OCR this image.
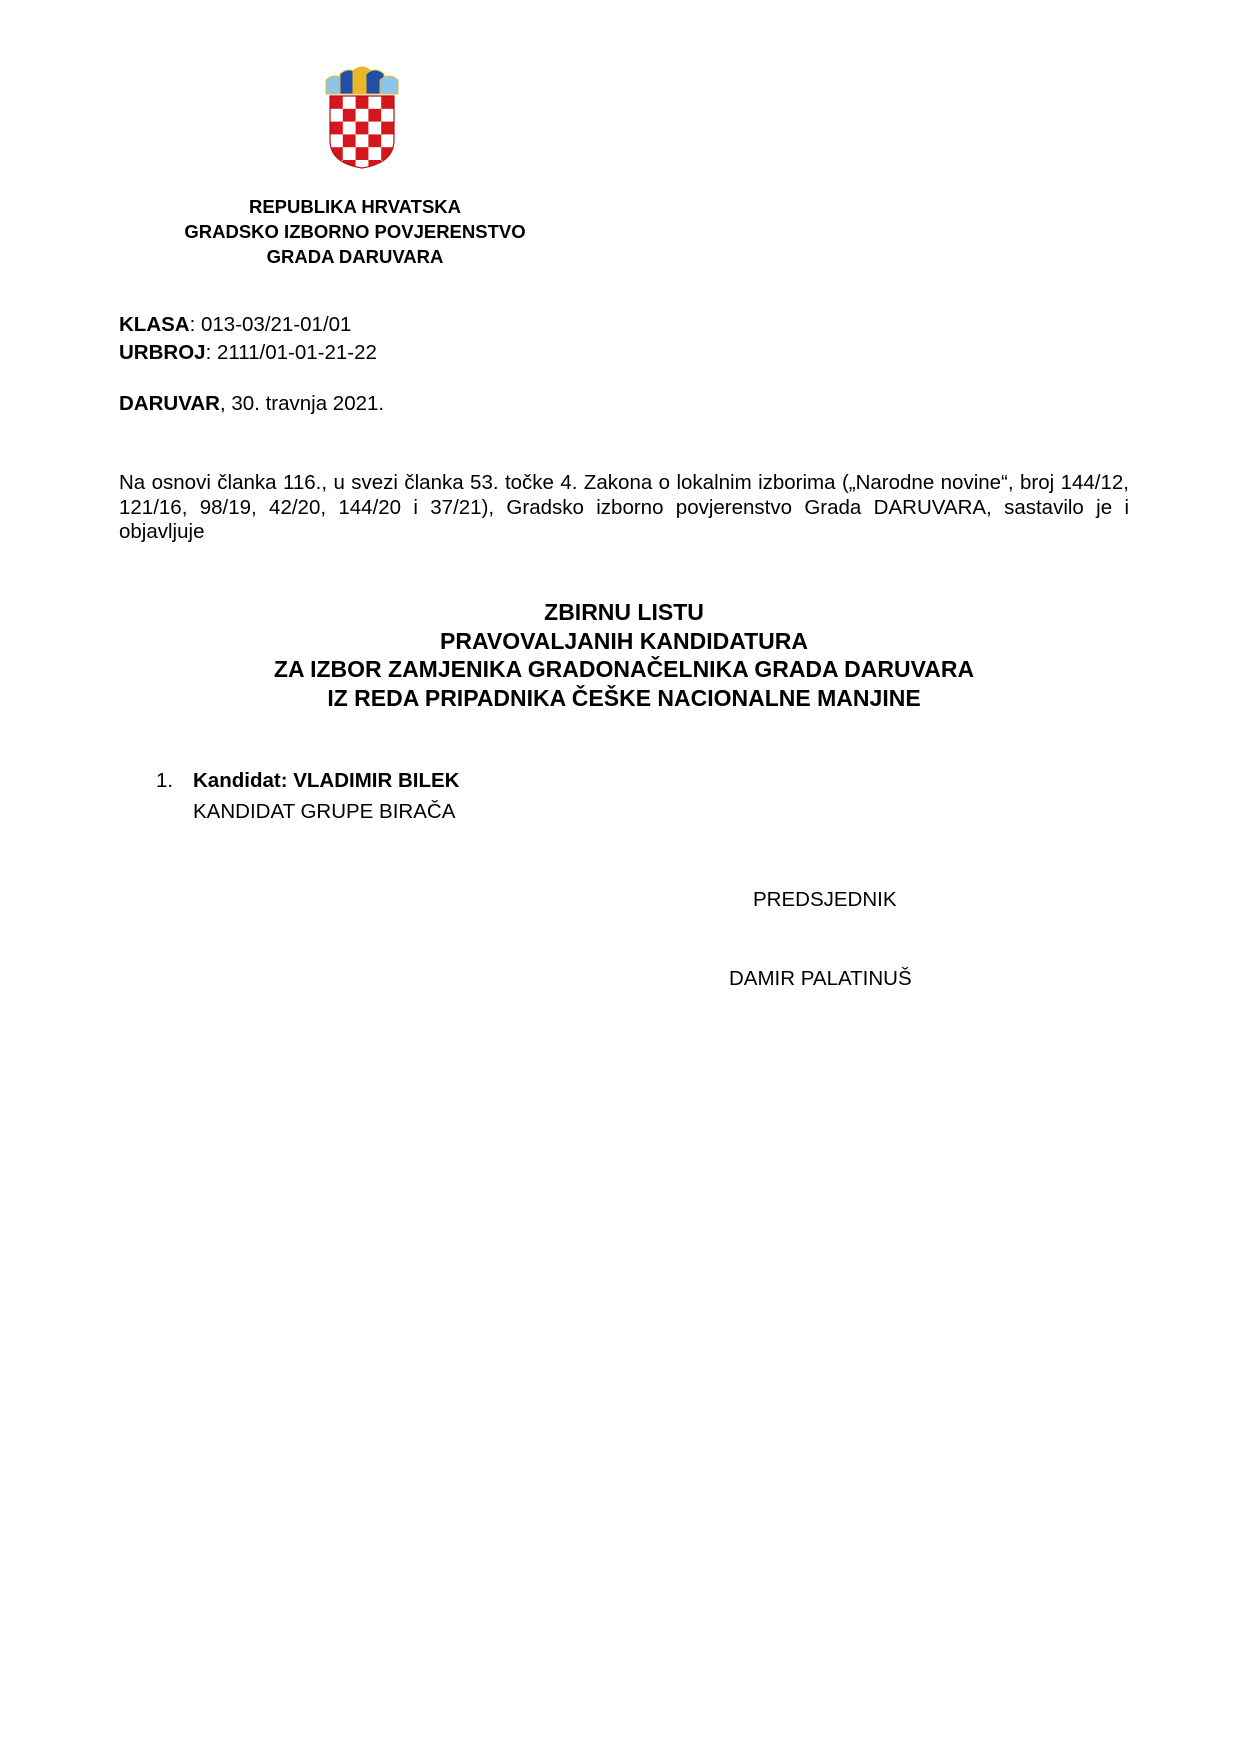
REPUBLIKA HRVATSKA
GRADSKO IZBORNO POVJERENSTVO
GRADA DARUVARA
KLASA: 013-03/21-01/01
URBROJ: 2111/01-01-21-22
DARUVAR, 30. travnja 2021.
Na osnovi članka 116., u svezi članka 53. točke 4. Zakona o lokalnim izborima („Narodne novine“, broj 144/12, 121/16, 98/19, 42/20, 144/20 i 37/21), Gradsko izborno povjerenstvo Grada DARUVARA, sastavilo je i objavljuje
ZBIRNU LISTU
PRAVOVALJANIH KANDIDATURA
ZA IZBOR ZAMJENIKA GRADONAČELNIKA GRADA DARUVARA
IZ REDA PRIPADNIKA ČEŠKE NACIONALNE MANJINE
1. Kandidat: VLADIMIR BILEK
KANDIDAT GRUPE BIRAČA
PREDSJEDNIK
DAMIR PALATINUŠ
